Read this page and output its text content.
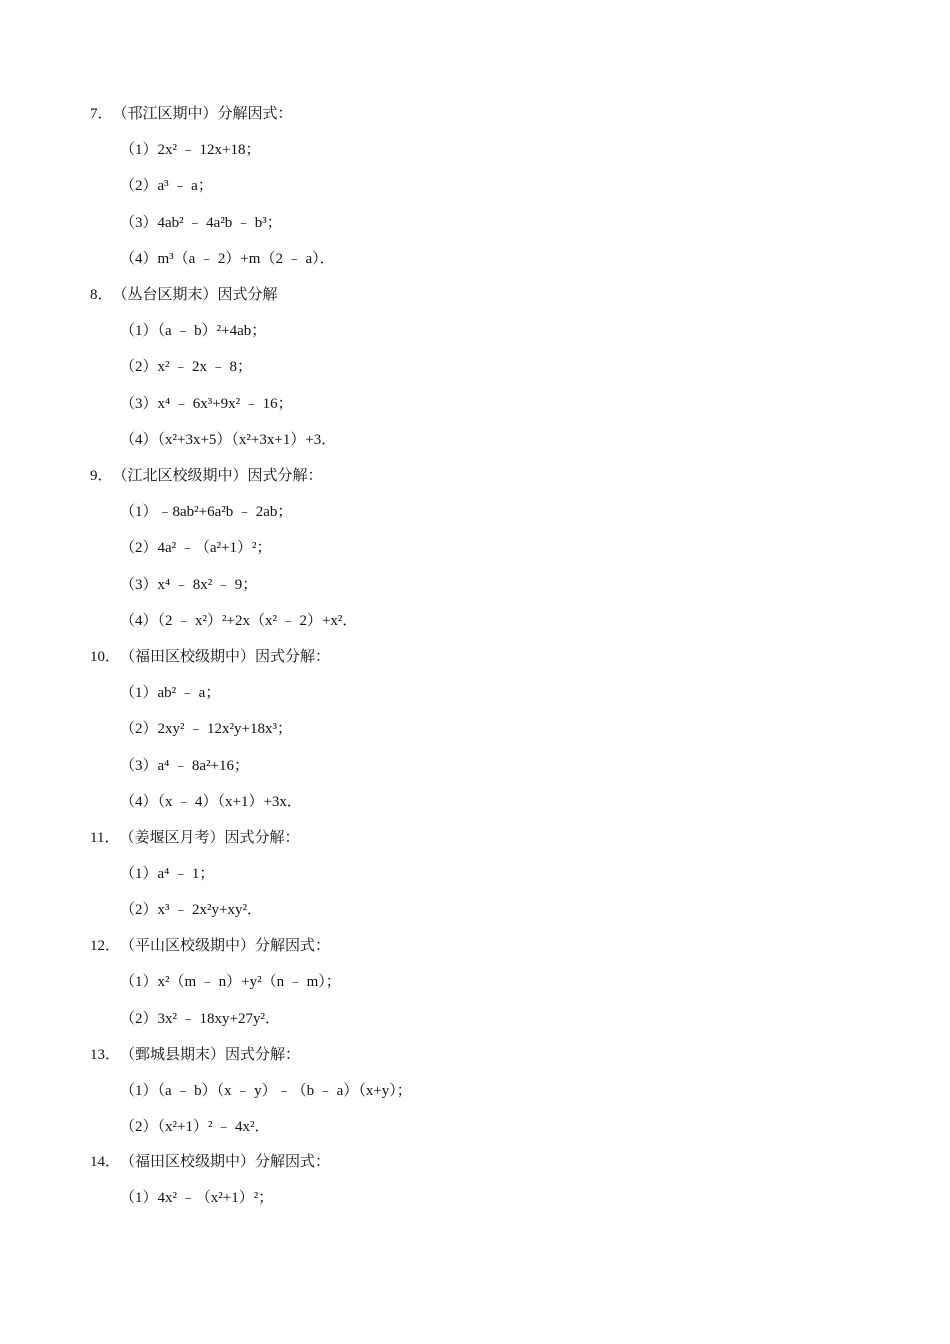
7．（邗江区期中）分解因式：
（1）2x² ﹣ 12x+18；
（2）a³ ﹣ a；
（3）4ab² ﹣ 4a²b ﹣ b³；
（4）m³（a ﹣ 2）+m（2 ﹣ a）．
8．（丛台区期末）因式分解
（1）（a ﹣ b）²+4ab；
（2）x² ﹣ 2x ﹣ 8；
（3）x⁴ ﹣ 6x³+9x² ﹣ 16；
（4）（x²+3x+5）（x²+3x+1）+3．
9．（江北区校级期中）因式分解：
（1）﹣8ab²+6a²b ﹣ 2ab；
（2）4a² ﹣（a²+1）²；
（3）x⁴ ﹣ 8x² ﹣ 9；
（4）（2 ﹣ x²）²+2x（x² ﹣ 2）+x²．
10．（福田区校级期中）因式分解：
（1）ab² ﹣ a；
（2）2xy² ﹣ 12x²y+18x³；
（3）a⁴ ﹣ 8a²+16；
（4）（x ﹣ 4）（x+1）+3x．
11．（姜堰区月考）因式分解：
（1）a⁴ ﹣ 1；
（2）x³ ﹣ 2x²y+xy²．
12．（平山区校级期中）分解因式：
（1）x²（m ﹣ n）+y²（n ﹣ m）；
（2）3x² ﹣ 18xy+27y²．
13．（鄄城县期末）因式分解：
（1）（a ﹣ b）（x ﹣ y）﹣（b ﹣ a）（x+y）；
（2）（x²+1）² ﹣ 4x²．
14．（福田区校级期中）分解因式：
（1）4x² ﹣（x²+1）²；
